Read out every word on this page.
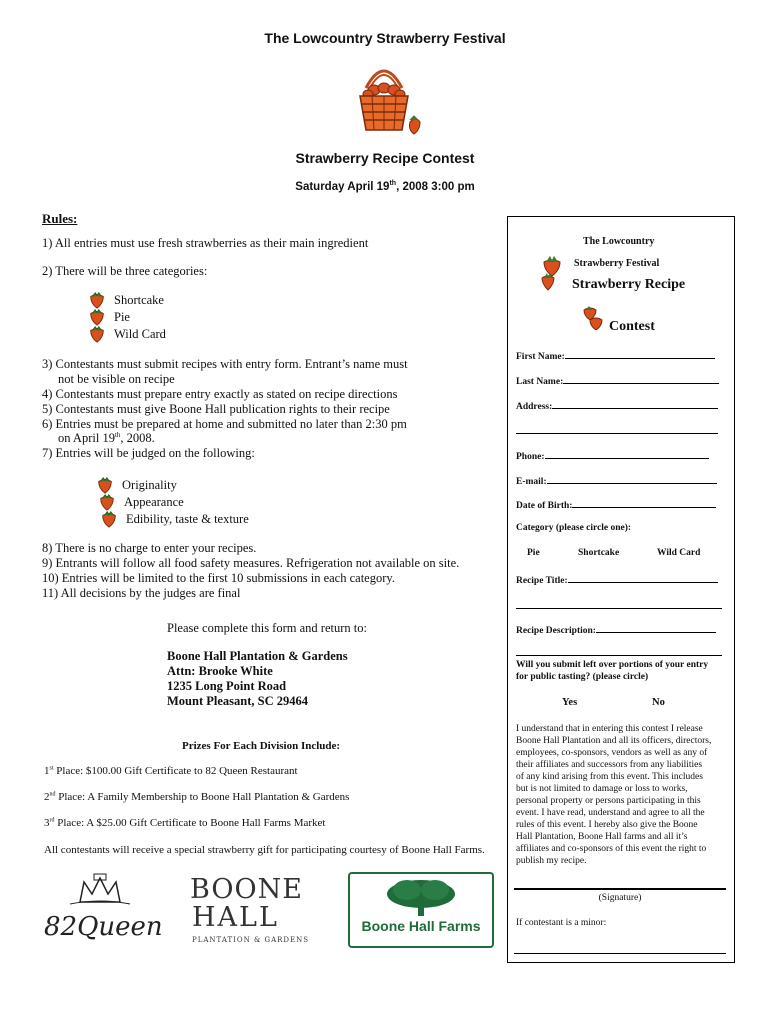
The Lowcountry Strawberry Festival
Strawberry Recipe Contest
Saturday April 19th, 2008 3:00 pm
Rules:
1) All entries must use fresh strawberries as their main ingredient
2) There will be three categories:
Shortcake
Pie
Wild Card
3) Contestants must submit recipes with entry form. Entrant’s name must
not be visible on recipe
4) Contestants must prepare entry exactly as stated on recipe directions
5) Contestants must give Boone Hall publication rights to their recipe
6) Entries must be prepared at home and submitted no later than 2:30 pm
on April 19th, 2008.
7) Entries will be judged on the following:
Originality
Appearance
Edibility, taste & texture
8) There is no charge to enter your recipes.
9) Entrants will follow all food safety measures. Refrigeration not available on site.
10) Entries will be limited to the first 10 submissions in each category.
11) All decisions by the judges are final
Please complete this form and return to:
Boone Hall Plantation & Gardens
Attn: Brooke White
1235 Long Point Road
Mount Pleasant, SC 29464
Prizes For Each Division Include:
1st Place: $100.00 Gift Certificate to 82 Queen Restaurant
2nd Place: A Family Membership to Boone Hall Plantation & Gardens
3rd Place: A $25.00 Gift Certificate to Boone Hall Farms Market
All contestants will receive a special strawberry gift for participating courtesy of Boone Hall Farms.
82Queen
BOONE
HALL
PLANTATION & GARDENS
Boone Hall Farms
The Lowcountry
Strawberry Festival
Strawberry Recipe
Contest
First Name:
Last Name:
Address:
Phone:
E-mail:
Date of Birth:
Category (please circle one):
Pie	Shortcake	Wild Card
Recipe Title:
Recipe Description:
Will you submit left over portions of your entry
for public tasting? (please circle)
Yes	No
I understand that in entering this contest I release
Boone Hall Plantation and all its officers, directors,
employees, co-sponsors, vendors as well as any of
their affiliates and successors from any liabilities
of any kind arising from this event. This includes
but is not limited to damage or loss to works,
personal property or persons participating in this
event. I have read, understand and agree to all the
rules of this event. I hereby also give the Boone
Hall Plantation, Boone Hall farms and all it’s
affiliates and co-sponsors of this event the right to
publish my recipe.
(Signature)
If contestant is a minor:
